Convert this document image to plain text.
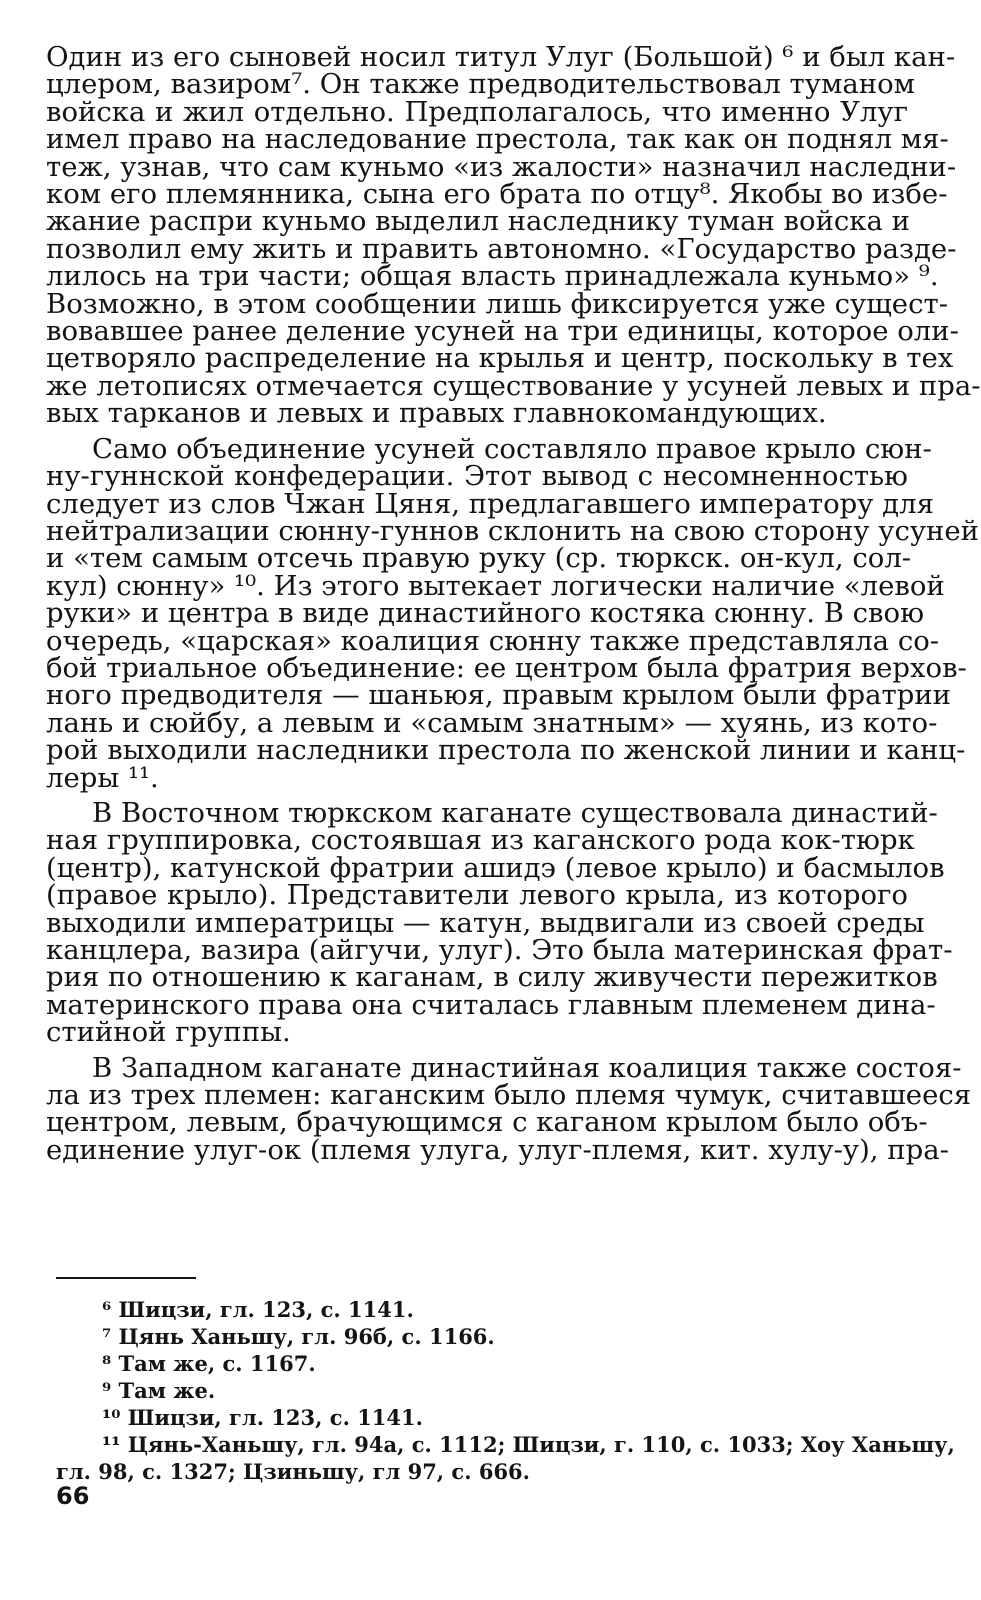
Один из его сыновей носил титул Улуг (Большой) ⁶ и был кан-
цлером, вазиром⁷. Он также предводительствовал туманом
войска и жил отдельно. Предполагалось, что именно Улуг
имел право на наследование престола, так как он поднял мя-
теж, узнав, что сам куньмо «из жалости» назначил наследни-
ком его племянника, сына его брата по отцу⁸. Якобы во избе-
жание распри куньмо выделил наследнику туман войска и
позволил ему жить и править автономно. «Государство разде-
лилось на три части; общая власть принадлежала куньмо» ⁹.
Возможно, в этом сообщении лишь фиксируется уже сущест-
вовавшее ранее деление усуней на три единицы, которое оли-
цетворяло распределение на крылья и центр, поскольку в тех
же летописях отмечается существование у усуней левых и пра-
вых тарканов и левых и правых главнокомандующих.
Само объединение усуней составляло правое крыло сюн-
ну-гуннской конфедерации. Этот вывод с несомненностью
следует из слов Чжан Цяня, предлагавшего императору для
нейтрализации сюнну-гуннов склонить на свою сторону усуней
и «тем самым отсечь правую руку (ср. тюркск. он-кул, сол-
кул) сюнну» ¹⁰. Из этого вытекает логически наличие «левой
руки» и центра в виде династийного костяка сюнну. В свою
очередь, «царская» коалиция сюнну также представляла со-
бой триальное объединение: ее центром была фратрия верхов-
ного предводителя — шаньюя, правым крылом были фратрии
лань и сюйбу, а левым и «самым знатным» — хуянь, из кото-
рой выходили наследники престола по женской линии и канц-
леры ¹¹.
В Восточном тюркском каганате существовала династий-
ная группировка, состоявшая из каганского рода кок-тюрк
(центр), катунской фратрии ашидэ (левое крыло) и басмылов
(правое крыло). Представители левого крыла, из которого
выходили императрицы — катун, выдвигали из своей среды
канцлера, вазира (айгучи, улуг). Это была материнская фрат-
рия по отношению к каганам, в силу живучести пережитков
материнского права она считалась главным племенем дина-
стийной группы.
В Западном каганате династийная коалиция также состоя-
ла из трех племен: каганским было племя чумук, считавшееся
центром, левым, брачующимся с каганом крылом было объ-
единение улуг-ок (племя улуга, улуг-племя, кит. хулу-у), пра-
⁶ Шицзи, гл. 123, с. 1141.
⁷ Цянь Ханьшу, гл. 96б, с. 1166.
⁸ Там же, с. 1167.
⁹ Там же.
¹⁰ Шицзи, гл. 123, с. 1141.
¹¹ Цянь-Ханьшу, гл. 94а, с. 1112; Шицзи, г. 110, с. 1033; Хоу Ханьшу,
гл. 98, с. 1327; Цзиньшу, гл 97, с. 666.
66
